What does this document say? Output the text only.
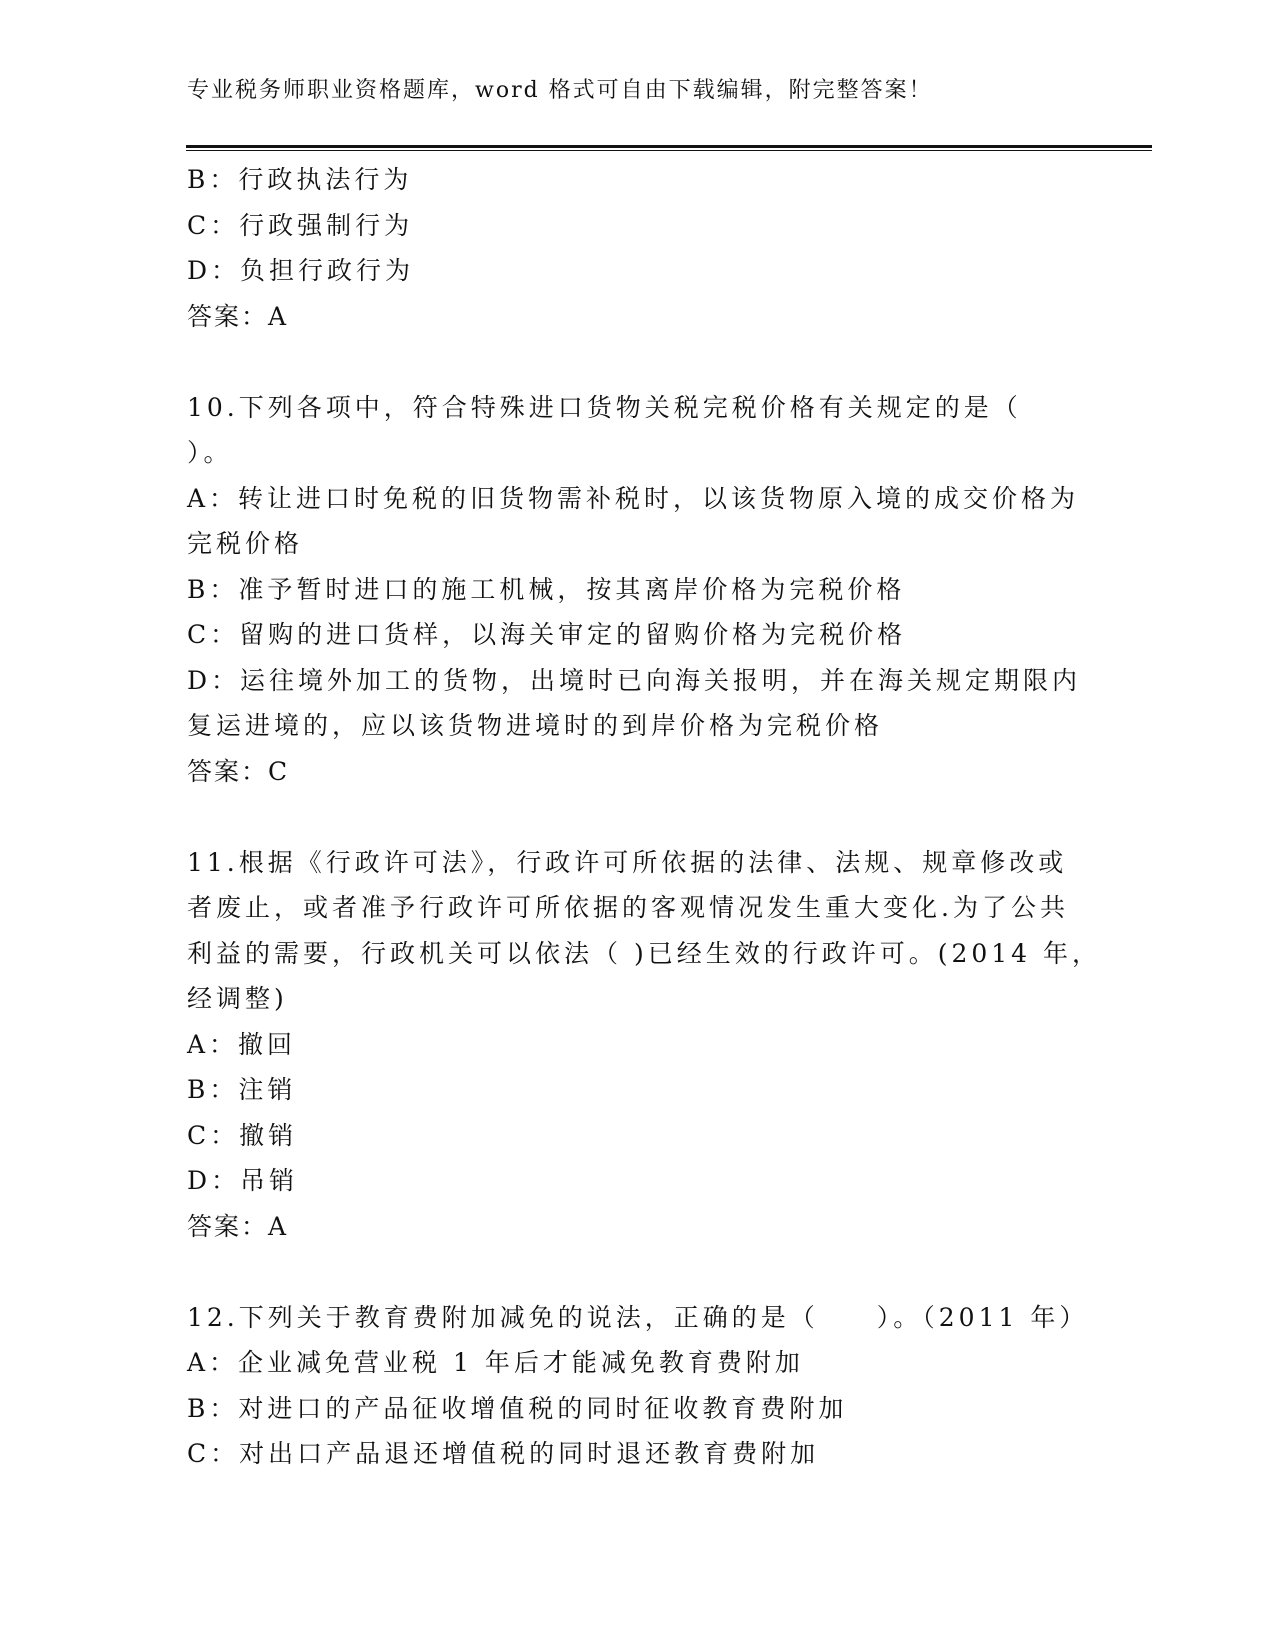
专业税务师职业资格题库，word 格式可自由下载编辑，附完整答案！
B：行政执法行为
C：行政强制行为
D：负担行政行为
答案：A
10.下列各项中，符合特殊进口货物关税完税价格有关规定的是（
）。
A：转让进口时免税的旧货物需补税时，以该货物原入境的成交价格为
完税价格
B：准予暂时进口的施工机械，按其离岸价格为完税价格
C：留购的进口货样，以海关审定的留购价格为完税价格
D：运往境外加工的货物，出境时已向海关报明，并在海关规定期限内
复运进境的，应以该货物进境时的到岸价格为完税价格
答案：C
11.根据《行政许可法》，行政许可所依据的法律、法规、规章修改或
者废止，或者准予行政许可所依据的客观情况发生重大变化.为了公共
利益的需要，行政机关可以依法（ )已经生效的行政许可。(2014 年，
经调整)
A：撤回
B：注销
C：撤销
D：吊销
答案：A
12.下列关于教育费附加减免的说法，正确的是（　　）。（2011 年）
A：企业减免营业税 1 年后才能减免教育费附加
B：对进口的产品征收增值税的同时征收教育费附加
C：对出口产品退还增值税的同时退还教育费附加
